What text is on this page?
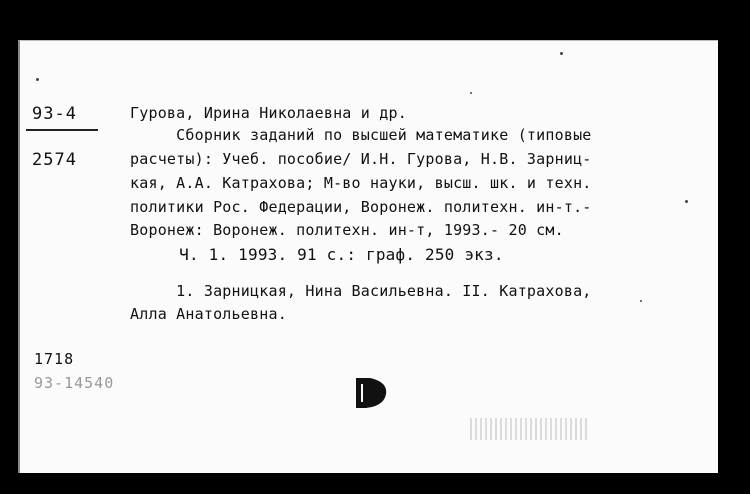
93-4
2574
Гурова, Ирина Николаевна и др.
Сборник заданий по высшей математике (типовые
расчеты): Учеб. пособие/ И.Н. Гурова, Н.В. Зарниц-
кая, А.А. Катрахова; М-во науки, высш. шк. и техн.
политики Рос. Федерации, Воронеж. политехн. ин-т.-
Воронеж: Воронеж. политехн. ин-т, 1993.- 20 см.
Ч. 1. 1993. 91 с.: граф. 250 экз.
1. Зарницкая, Нина Васильевна. II. Катрахова,
Алла Анатольевна.
1718
93-14540
